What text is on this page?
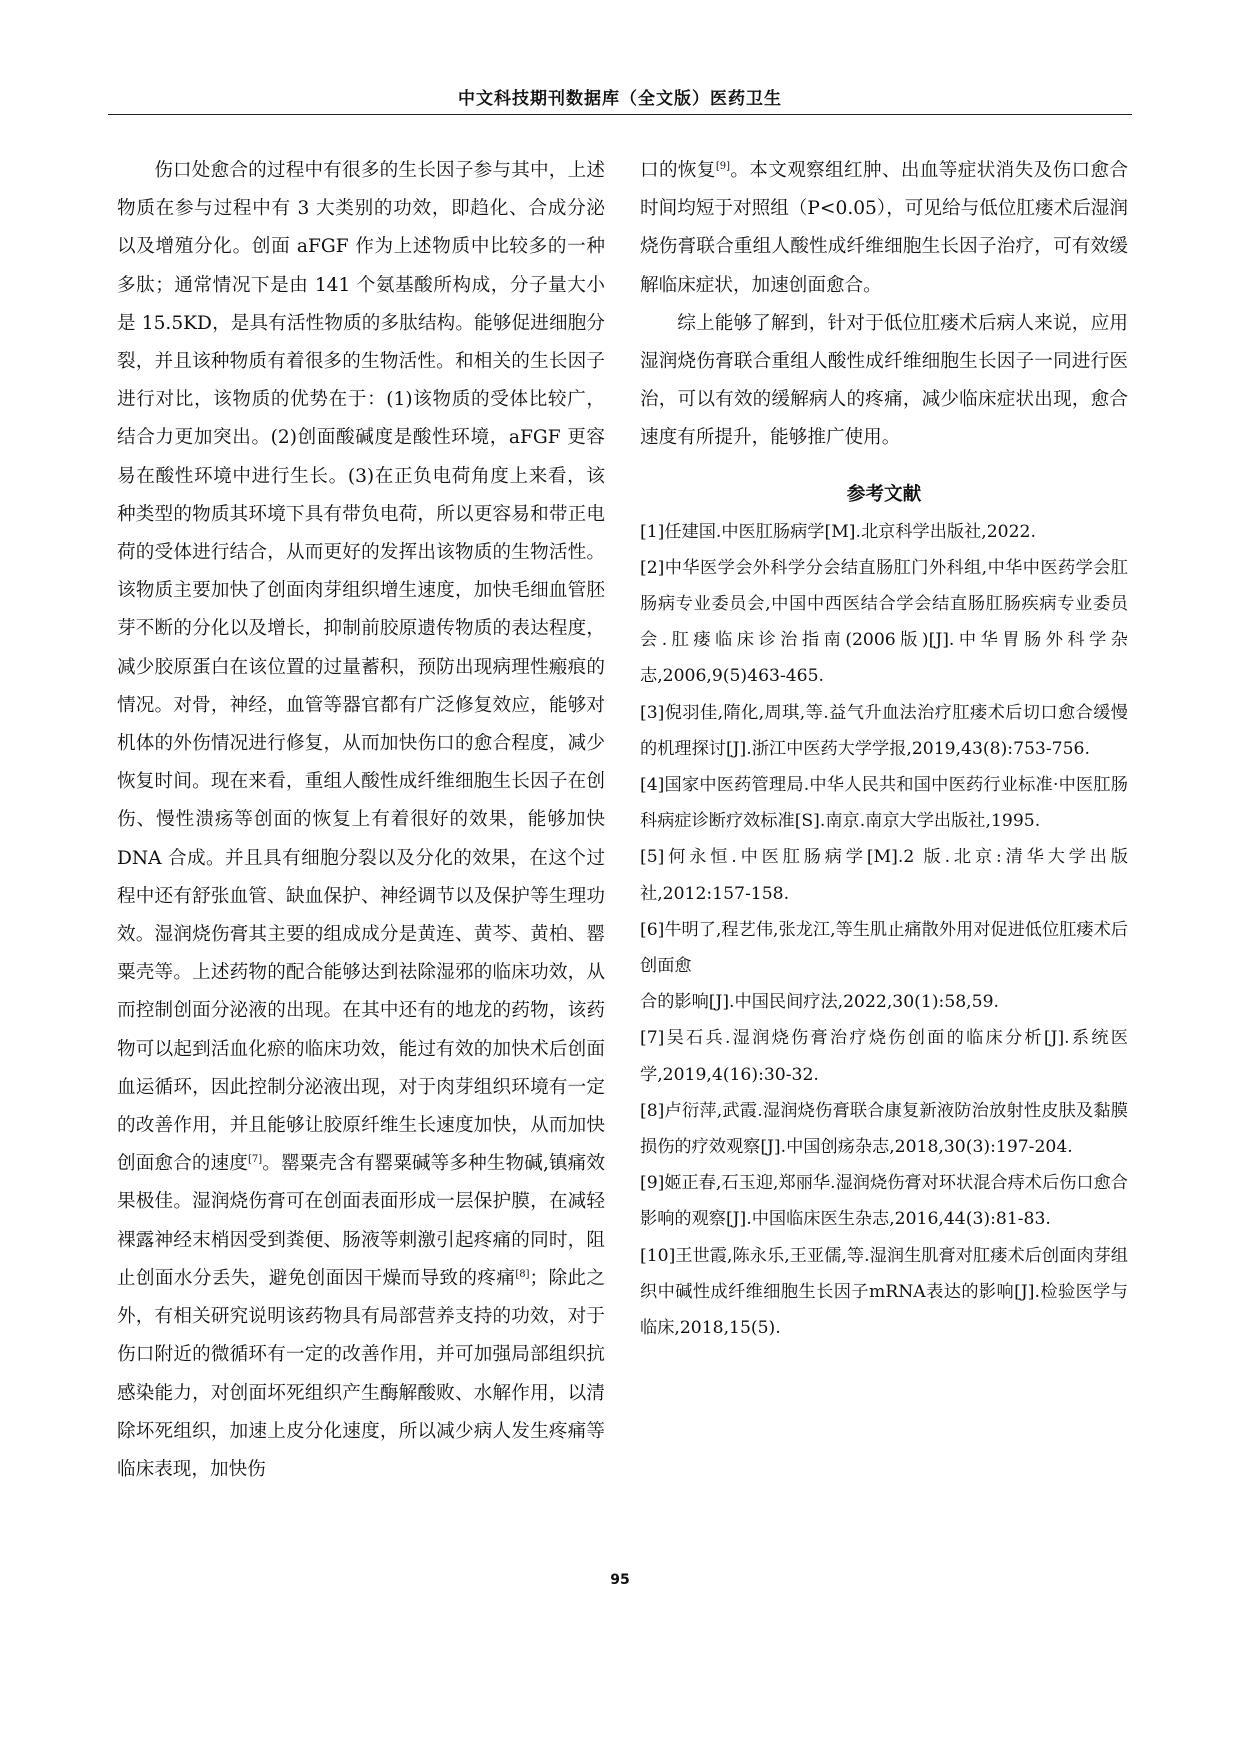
中文科技期刊数据库（全文版）医药卫生

伤口处愈合的过程中有很多的生长因子参与其中，上述物质在参与过程中有 3 大类别的功效，即趋化、合成分泌以及增殖分化。创面 aFGF 作为上述物质中比较多的一种多肽；通常情况下是由 141 个氨基酸所构成，分子量大小是 15.5KD，是具有活性物质的多肽结构。能够促进细胞分裂，并且该种物质有着很多的生物活性。和相关的生长因子进行对比，该物质的优势在于：(1)该物质的受体比较广，结合力更加突出。(2)创面酸碱度是酸性环境，aFGF 更容易在酸性环境中进行生长。(3)在正负电荷角度上来看，该种类型的物质其环境下具有带负电荷，所以更容易和带正电荷的受体进行结合，从而更好的发挥出该物质的生物活性。该物质主要加快了创面肉芽组织增生速度，加快毛细血管胚芽不断的分化以及增长，抑制前胶原遗传物质的表达程度，减少胶原蛋白在该位置的过量蓄积，预防出现病理性瘢痕的情况。对骨，神经，血管等器官都有广泛修复效应，能够对机体的外伤情况进行修复，从而加快伤口的愈合程度，减少恢复时间。现在来看，重组人酸性成纤维细胞生长因子在创伤、慢性溃疡等创面的恢复上有着很好的效果，能够加快 DNA 合成。并且具有细胞分裂以及分化的效果，在这个过程中还有舒张血管、缺血保护、神经调节以及保护等生理功效。湿润烧伤膏其主要的组成成分是黄连、黄芩、黄柏、罂粟壳等。上述药物的配合能够达到祛除湿邪的临床功效，从而控制创面分泌液的出现。在其中还有的地龙的药物，该药物可以起到活血化瘀的临床功效，能过有效的加快术后创面血运循环，因此控制分泌液出现，对于肉芽组织环境有一定的改善作用，并且能够让胶原纤维生长速度加快，从而加快创面愈合的速度[7]。罂粟壳含有罂粟碱等多种生物碱,镇痛效果极佳。湿润烧伤膏可在创面表面形成一层保护膜，在减轻裸露神经末梢因受到粪便、肠液等刺激引起疼痛的同时，阻止创面水分丢失，避免创面因干燥而导致的疼痛[8]；除此之外，有相关研究说明该药物具有局部营养支持的功效，对于伤口附近的微循环有一定的改善作用，并可加强局部组织抗感染能力，对创面坏死组织产生酶解酸败、水解作用，以清除坏死组织，加速上皮分化速度，所以减少病人发生疼痛等临床表现，加快伤

口的恢复[9]。本文观察组红肿、出血等症状消失及伤口愈合时间均短于对照组（P<0.05），可见给与低位肛瘘术后湿润烧伤膏联合重组人酸性成纤维细胞生长因子治疗，可有效缓解临床症状，加速创面愈合。

综上能够了解到，针对于低位肛瘘术后病人来说，应用湿润烧伤膏联合重组人酸性成纤维细胞生长因子一同进行医治，可以有效的缓解病人的疼痛，减少临床症状出现，愈合速度有所提升，能够推广使用。

参考文献
[1]任建国.中医肛肠病学[M].北京科学出版社,2022.
[2]中华医学会外科学分会结直肠肛门外科组,中华中医药学会肛肠病专业委员会,中国中西医结合学会结直肠肛肠疾病专业委员会.肛瘘临床诊治指南(2006版)[J].中华胃肠外科学杂志,2006,9(5)463-465.
[3]倪羽佳,隋化,周琪,等.益气升血法治疗肛瘘术后切口愈合缓慢的机理探讨[J].浙江中医药大学学报,2019,43(8):753-756.
[4]国家中医药管理局.中华人民共和国中医药行业标准·中医肛肠科病症诊断疗效标准[S].南京.南京大学出版社,1995.
[5]何永恒.中医肛肠病学[M].2 版.北京:清华大学出版社,2012:157-158.
[6]牛明了,程艺伟,张龙江,等生肌止痛散外用对促进低位肛瘘术后创面愈
合的影响[J].中国民间疗法,2022,30(1):58,59.
[7]吴石兵.湿润烧伤膏治疗烧伤创面的临床分析[J].系统医学,2019,4(16):30-32.
[8]卢衍萍,武霞.湿润烧伤膏联合康复新液防治放射性皮肤及黏膜损伤的疗效观察[J].中国创疡杂志,2018,30(3):197-204.
[9]姬正春,石玉迎,郑丽华.湿润烧伤膏对环状混合痔术后伤口愈合影响的观察[J].中国临床医生杂志,2016,44(3):81-83.
[10]王世霞,陈永乐,王亚儒,等.湿润生肌膏对肛瘘术后创面肉芽组织中碱性成纤维细胞生长因子mRNA表达的影响[J].检验医学与临床,2018,15(5).
95
